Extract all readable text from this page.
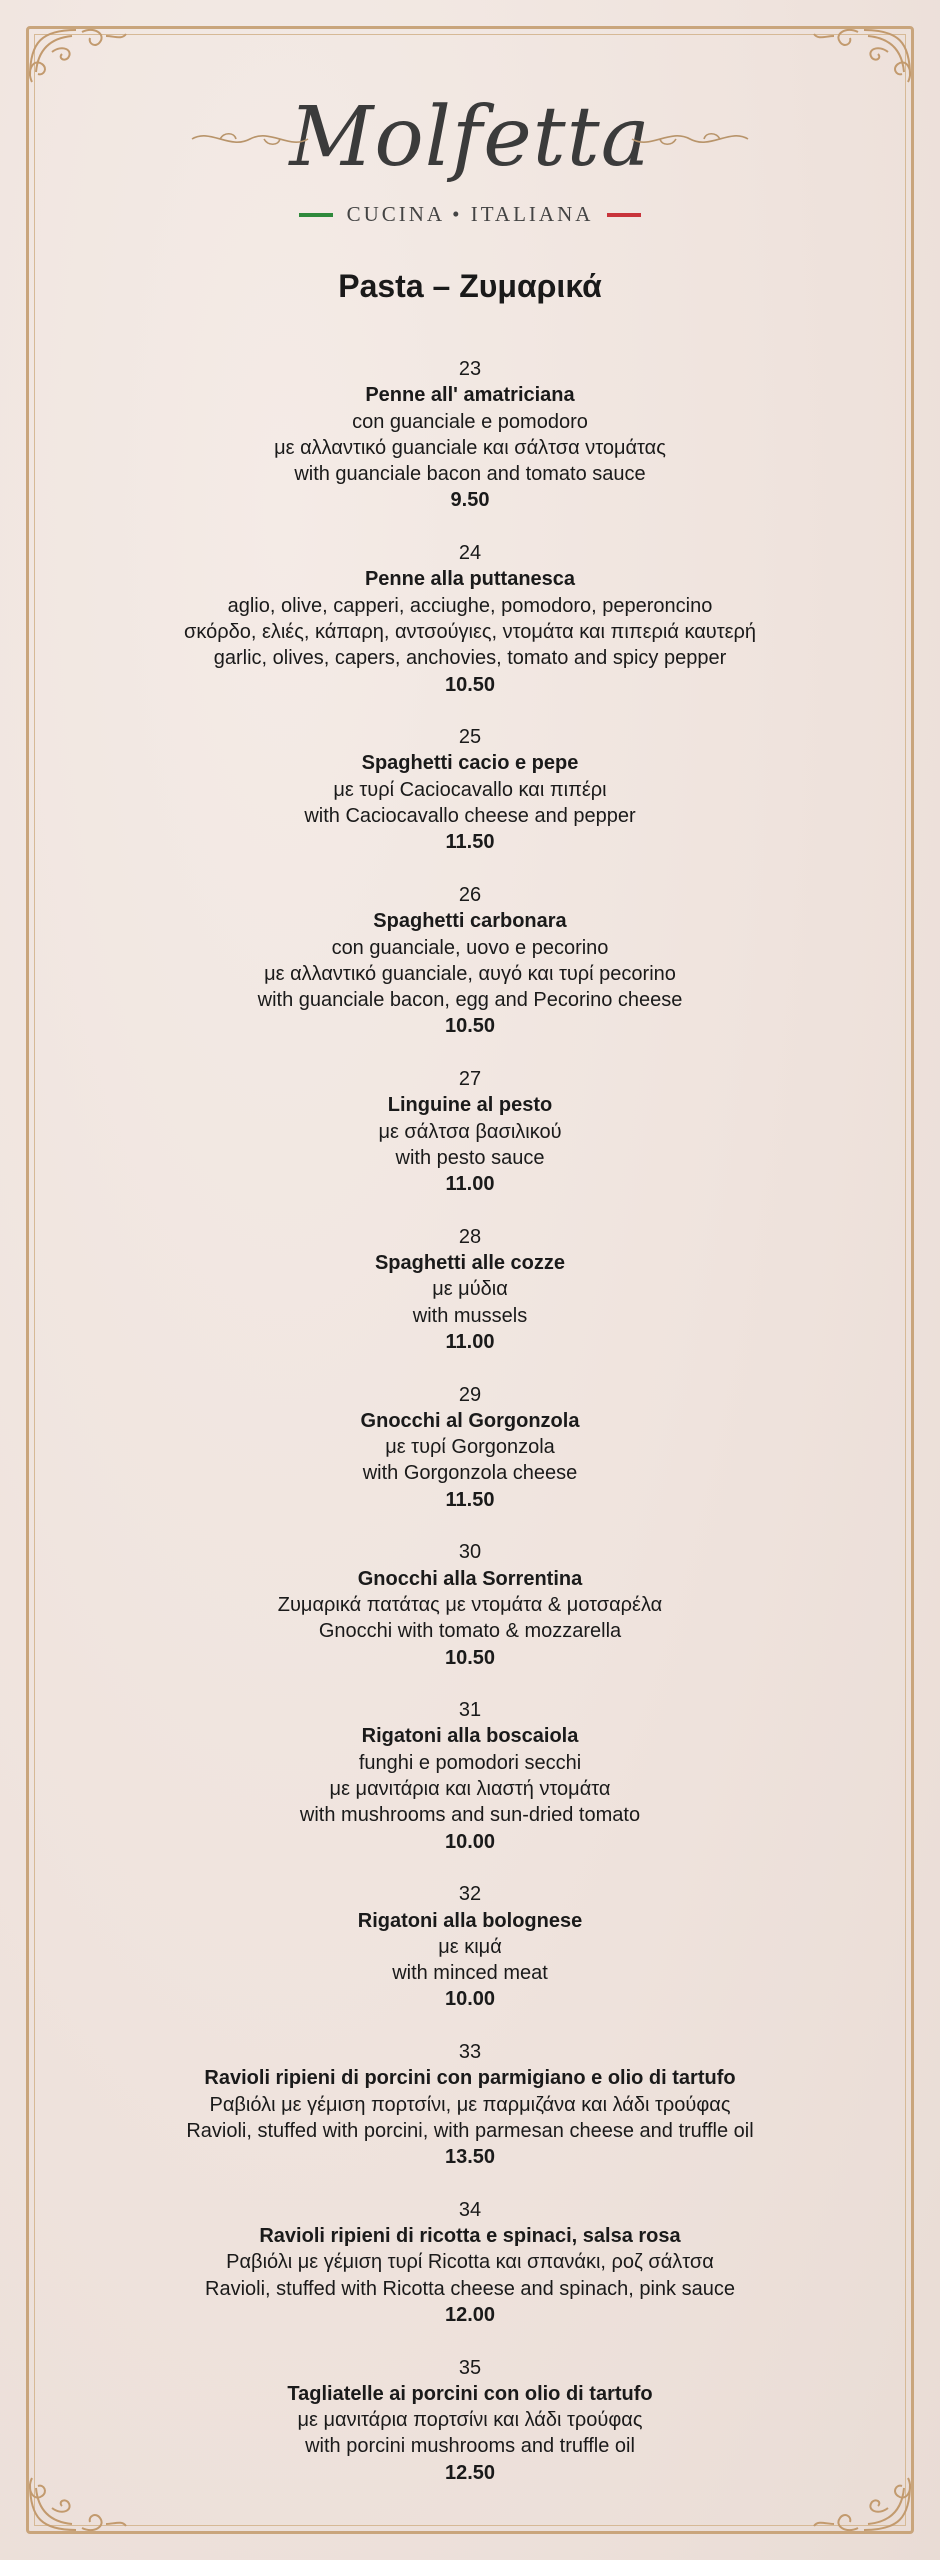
Molfetta
CUCINA • ITALIANA
Pasta – Ζυμαρικά
23
Penne all' amatriciana
con guanciale e pomodoro
με αλλαντικό guanciale και σάλτσα ντομάτας
with guanciale bacon and tomato sauce
9.50
24
Penne alla puttanesca
aglio, olive, capperi, acciughe, pomodoro, peperoncino
σκόρδο, ελιές, κάπαρη, αντσούγιες, ντομάτα και πιπεριά καυτερή
garlic, olives, capers, anchovies, tomato and spicy pepper
10.50
25
Spaghetti cacio e pepe
με τυρί Caciocavallo και πιπέρι
with Caciocavallo cheese and pepper
11.50
26
Spaghetti carbonara
con guanciale, uovo e pecorino
με αλλαντικό guanciale, αυγό και τυρί pecorino
with guanciale bacon, egg and Pecorino cheese
10.50
27
Linguine al pesto
με σάλτσα βασιλικού
with pesto sauce
11.00
28
Spaghetti alle cozze
με μύδια
with mussels
11.00
29
Gnocchi al Gorgonzola
με τυρί Gorgonzola
with Gorgonzola cheese
11.50
30
Gnocchi alla Sorrentina
Ζυμαρικά πατάτας με ντομάτα & μοτσαρέλα
Gnocchi with tomato & mozzarella
10.50
31
Rigatoni alla boscaiola
funghi e pomodori secchi
με μανιτάρια και λιαστή ντομάτα
with mushrooms and sun-dried tomato
10.00
32
Rigatoni alla bolognese
με κιμά
with minced meat
10.00
33
Ravioli ripieni di porcini con parmigiano e olio di tartufo
Ραβιόλι με γέμιση πορτσίνι, με παρμιζάνα και λάδι τρούφας
Ravioli, stuffed with porcini, with parmesan cheese and truffle oil
13.50
34
Ravioli ripieni di ricotta e spinaci, salsa rosa
Ραβιόλι με γέμιση τυρί Ricotta και σπανάκι, ροζ σάλτσα
Ravioli, stuffed with Ricotta cheese and spinach, pink sauce
12.00
35
Tagliatelle ai porcini con olio di tartufo
με μανιτάρια πορτσίνι και λάδι τρούφας
with porcini mushrooms and truffle oil
12.50
